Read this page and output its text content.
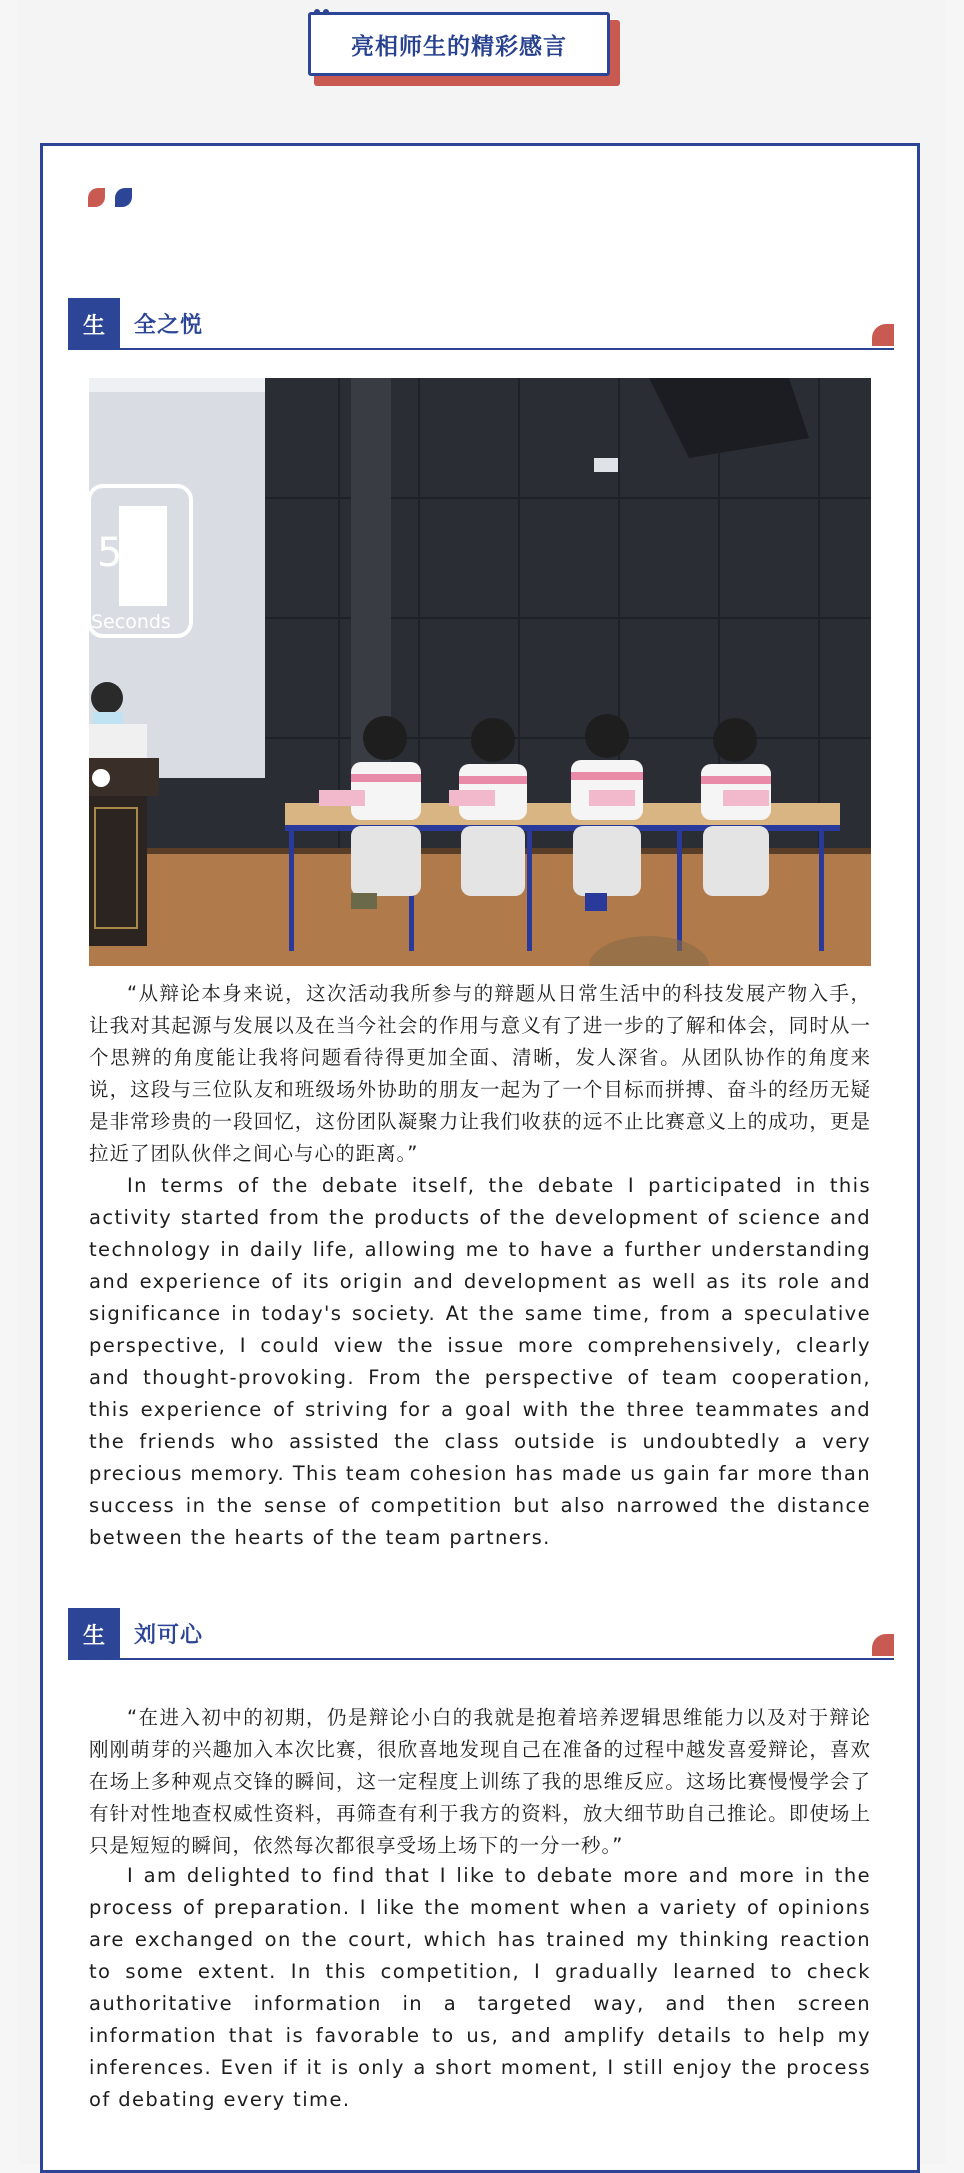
亮相师生的精彩感言
生	全之悦
5
Seconds

“从辩论本身来说，这次活动我所参与的辩题从日常生活中的科技发展产物入手，让我对其起源与发展以及在当今社会的作用与意义有了进一步的了解和体会，同时从一个思辨的角度能让我将问题看待得更加全面、清晰，发人深省。从团队协作的角度来说，这段与三位队友和班级场外协助的朋友一起为了一个目标而拼搏、奋斗的经历无疑是非常珍贵的一段回忆，这份团队凝聚力让我们收获的远不止比赛意义上的成功，更是拉近了团队伙伴之间心与心的距离。”

In terms of the debate itself, the debate I participated in this activity started from the products of the development of science and technology in daily life, allowing me to have a further understanding and experience of its origin and development as well as its role and significance in today's society. At the same time, from a speculative perspective, I could view the issue more comprehensively, clearly and thought-provoking. From the perspective of team cooperation, this experience of striving for a goal with the three teammates and the friends who assisted the class outside is undoubtedly a very precious memory. This team cohesion has made us gain far more than success in the sense of competition but also narrowed the distance between the hearts of the team partners.

生	刘可心

“在进入初中的初期，仍是辩论小白的我就是抱着培养逻辑思维能力以及对于辩论刚刚萌芽的兴趣加入本次比赛，很欣喜地发现自己在准备的过程中越发喜爱辩论，喜欢在场上多种观点交锋的瞬间，这一定程度上训练了我的思维反应。这场比赛慢慢学会了有针对性地查权威性资料，再筛查有利于我方的资料，放大细节助自己推论。即使场上只是短短的瞬间，依然每次都很享受场上场下的一分一秒。”

I am delighted to find that I like to debate more and more in the process of preparation. I like the moment when a variety of opinions are exchanged on the court, which has trained my thinking reaction to some extent. In this competition, I gradually learned to check authoritative information in a targeted way, and then screen information that is favorable to us, and amplify details to help my inferences. Even if it is only a short moment, I still enjoy the process of debating every time.
